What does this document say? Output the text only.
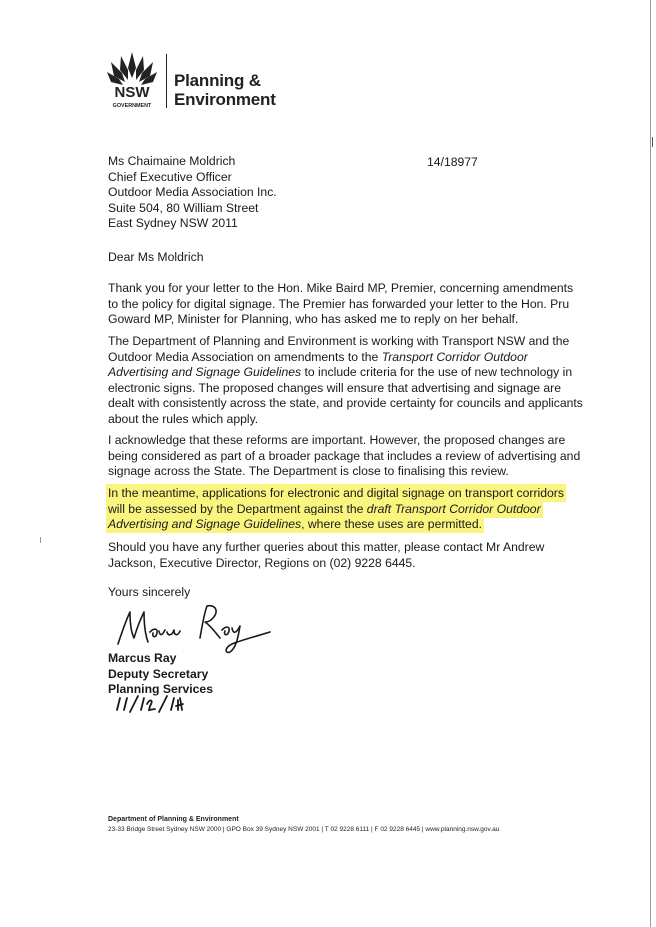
NSW
GOVERNMENT
Planning &
Environment
14/18977
Ms Chaimaine Moldrich
Chief Executive Officer
Outdoor Media Association Inc.
Suite 504, 80 William Street
East Sydney NSW 2011
Dear Ms Moldrich
Thank you for your letter to the Hon. Mike Baird MP, Premier, concerning amendments
to the policy for digital signage. The Premier has forwarded your letter to the Hon. Pru
Goward MP, Minister for Planning, who has asked me to reply on her behalf.
The Department of Planning and Environment is working with Transport NSW and the
Outdoor Media Association on amendments to the Transport Corridor Outdoor
Advertising and Signage Guidelines to include criteria for the use of new technology in
electronic signs. The proposed changes will ensure that advertising and signage are
dealt with consistently across the state, and provide certainty for councils and applicants
about the rules which apply.
I acknowledge that these reforms are important. However, the proposed changes are
being considered as part of a broader package that includes a review of advertising and
signage across the State. The Department is close to finalising this review.
In the meantime, applications for electronic and digital signage on transport corridors
will be assessed by the Department against the draft Transport Corridor Outdoor
Advertising and Signage Guidelines, where these uses are permitted.
Should you have any further queries about this matter, please contact Mr Andrew
Jackson, Executive Director, Regions on (02) 9228 6445.
Yours sincerely
Marcus Ray
Deputy Secretary
Planning Services
Department of Planning & Environment
23-33 Bridge Street Sydney NSW 2000 | GPO Box 39 Sydney NSW 2001 | T 02 9228 6111 | F 02 9228 6445 | www.planning.nsw.gov.au
